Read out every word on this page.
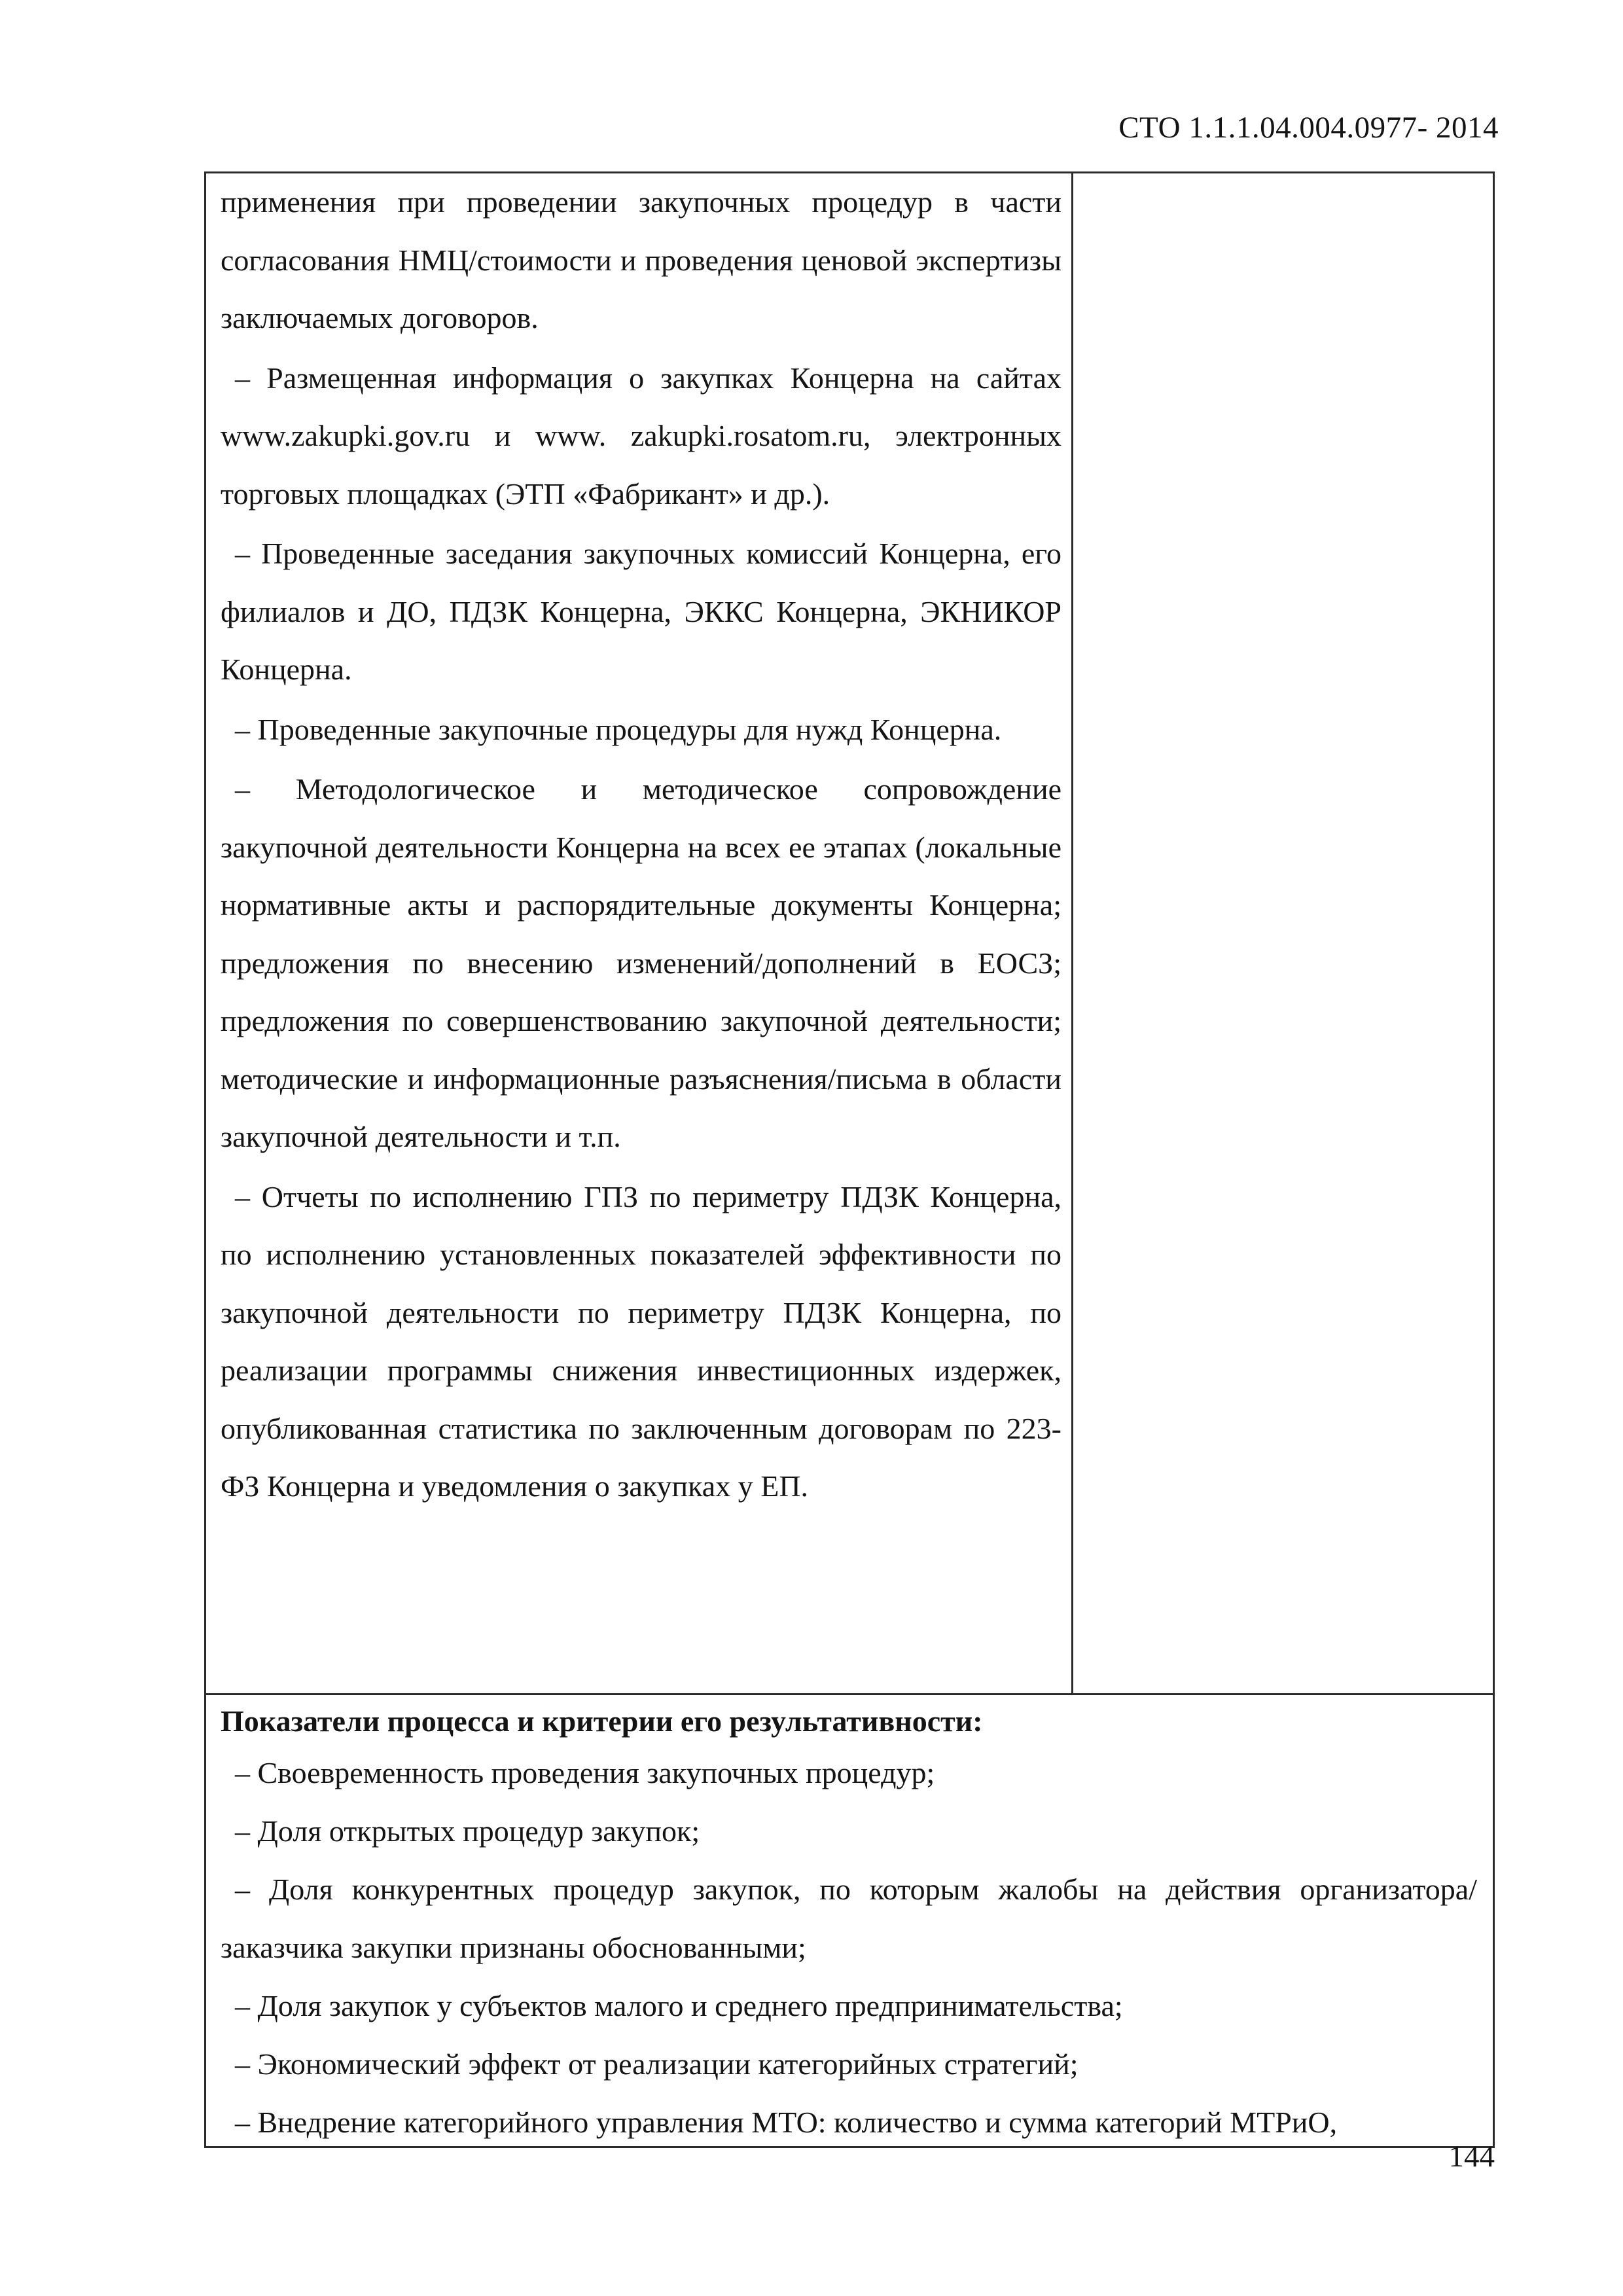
СТО 1.1.1.04.004.0977- 2014

применения при проведении закупочных процедур в части согласования НМЦ/стоимости и проведения ценовой экспертизы заключаемых договоров.

– Размещенная информация о закупках Концерна на сайтах www.zakupki.gov.ru и www. zakupki.rosatom.ru, электронных торговых площадках (ЭТП «Фабрикант» и др.).

– Проведенные заседания закупочных комиссий Концерна, его филиалов и ДО, ПДЗК Концерна, ЭККС Концерна, ЭКНИКОР Концерна.

– Проведенные закупочные процедуры для нужд Концерна.

– Методологическое и методическое сопровождение закупочной деятельности Концерна на всех ее этапах (локальные нормативные акты и распорядительные документы Концерна; предложения по внесению изменений/дополнений в ЕОСЗ; предложения по совершенствованию закупочной деятельности; методические и информационные разъяснения/письма в области закупочной деятельности и т.п.

– Отчеты по исполнению ГПЗ по периметру ПДЗК Концерна, по исполнению установленных показателей эффективности по закупочной деятельности по периметру ПДЗК Концерна, по реализации программы снижения инвестиционных издержек, опубликованная статистика по заключенным договорам по 223-ФЗ Концерна и уведомления о закупках у ЕП.

Показатели процесса и критерии его результативности:

– Своевременность проведения закупочных процедур;

– Доля открытых процедур закупок;

– Доля конкурентных процедур закупок, по которым жалобы на действия организатора/заказчика закупки признаны обоснованными;

– Доля закупок у субъектов малого и среднего предпринимательства;

– Экономический эффект от реализации категорийных стратегий;

– Внедрение категорийного управления МТО: количество и сумма категорий МТРиО,

144
